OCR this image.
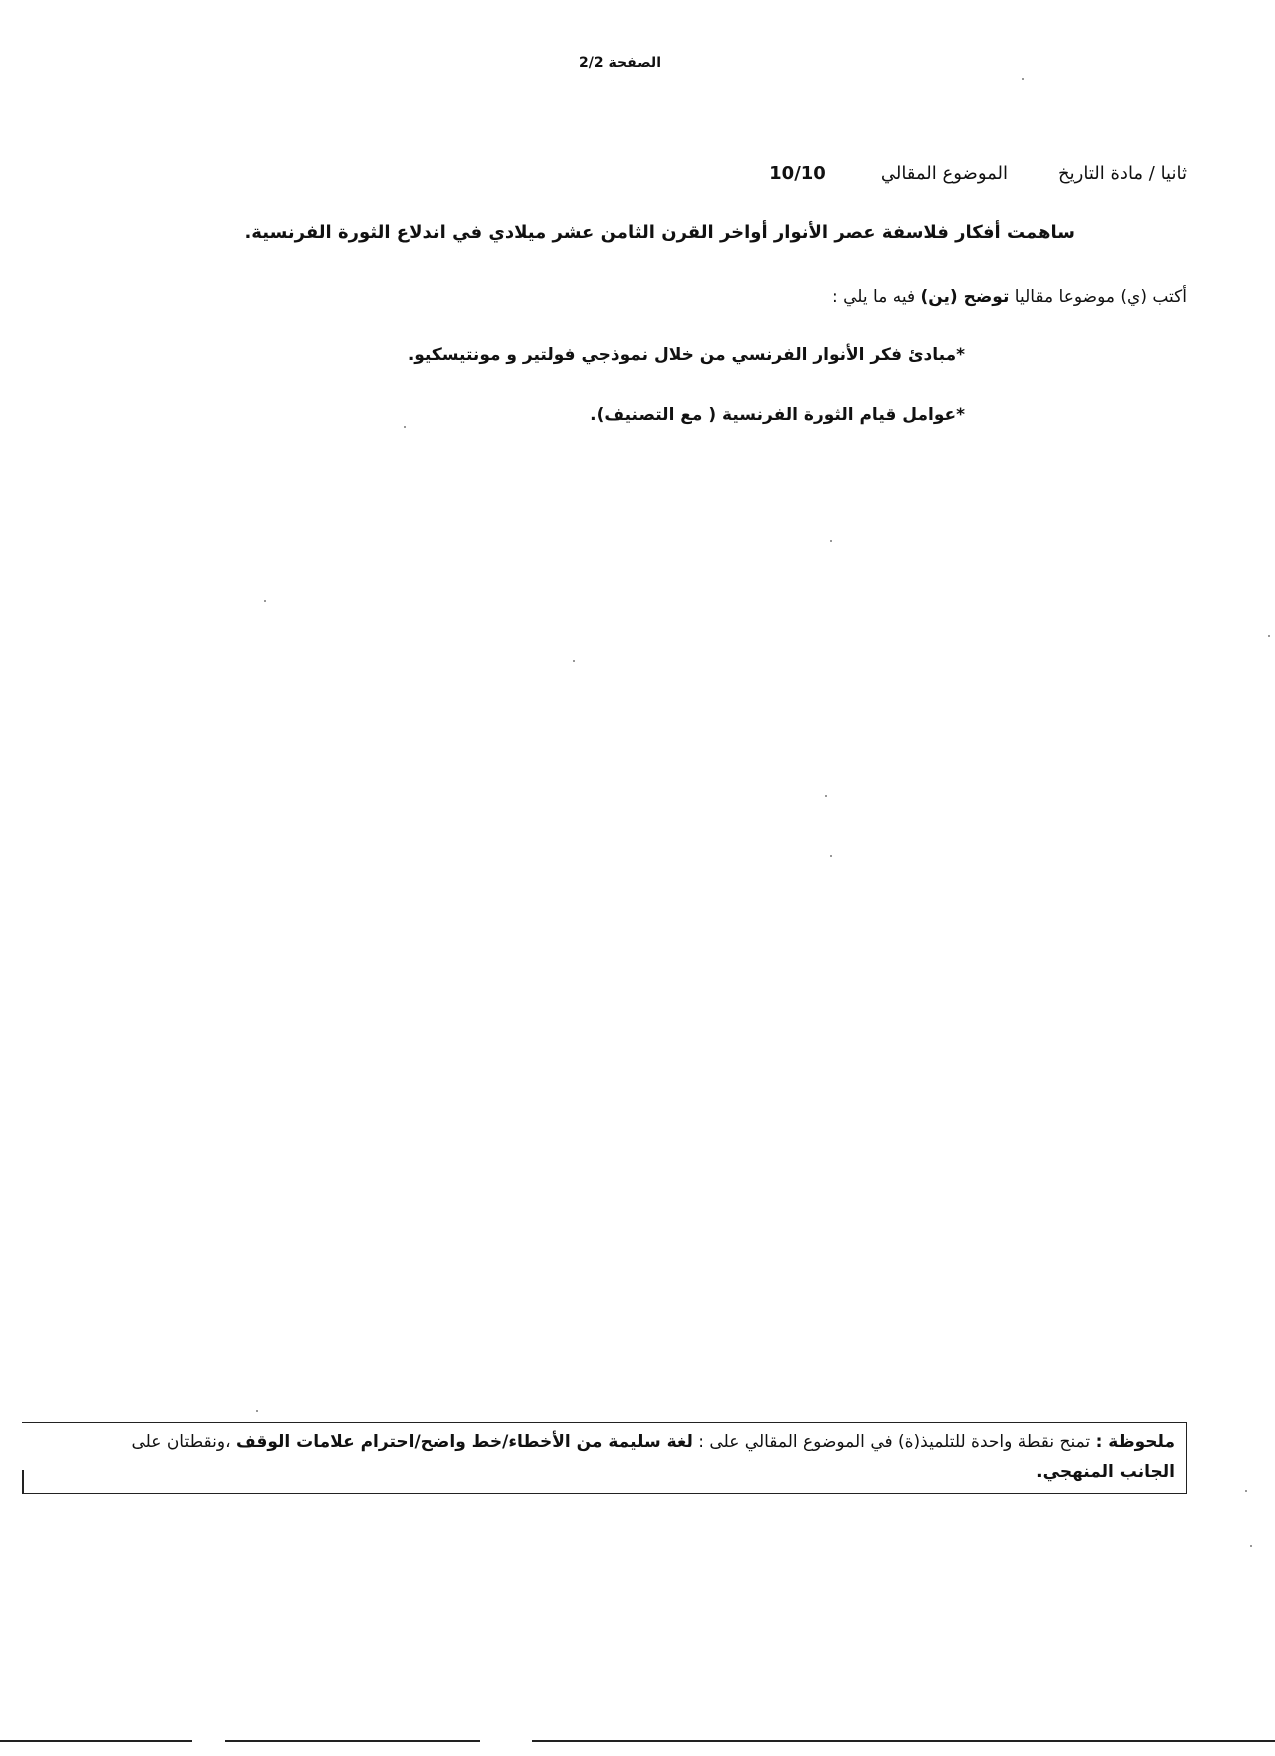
الصفحة 2/2
ثانيا / مادة التاريخ
الموضوع المقالي
10/10
ساهمت أفكار فلاسفة عصر الأنوار أواخر القرن الثامن عشر ميلادي في اندلاع الثورة الفرنسية.
أكتب (ي) موضوعا مقاليا توضح (ين) فيه ما يلي :
*مبادئ فكر الأنوار الفرنسي من خلال نموذجي فولتير و مونتيسكيو.
*عوامل قيام الثورة الفرنسية ( مع التصنيف).
ملحوظة : تمنح نقطة واحدة للتلميذ(ة) في الموضوع المقالي على : لغة سليمة من الأخطاء/خط واضح/احترام علامات الوقف ،ونقطتان على الجانب المنهجي.
